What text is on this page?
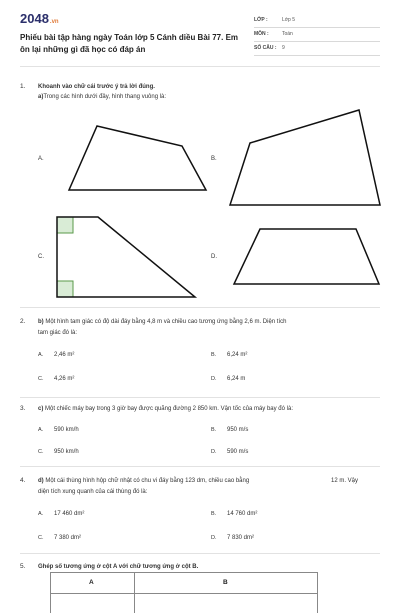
2048.vn
Phiếu bài tập hàng ngày Toán lớp 5 Cánh diều Bài 77. Em ôn lại những gì đã học có đáp án
LỚP :	Lớp 5
MÔN :	Toán
SỐ CÂU : 9
1. Khoanh vào chữ cái trước ý trả lời đúng.
a)Trong các hình dưới đây, hình thang vuông là:
A.	B.
C.	D.
2. b) Một hình tam giác có độ dài đáy bằng 4,8 m và chiều cao tương ứng bằng 2,6 m. Diện tích
tam giác đó là:
A. 2,46 m²	B. 6,24 m²
C. 4,26 m²	D. 6,24 m
3. c) Một chiếc máy bay trong 3 giờ bay được quãng đường 2 850 km. Vận tốc của máy bay đó là:
A. 590 km/h	B. 950 m/s
C. 950 km/h	D. 590 m/s
4. d) Một cái thùng hình hộp chữ nhật có chu vi đáy bằng 123 dm, chiều cao bằng	12 m. Vậy
diện tích xung quanh của cái thùng đó là:
A. 17 460 dm²	B. 14 760 dm²
C. 7 380 dm²	D. 7 830 dm²
5. Ghép số tương ứng ở cột A với chữ tương ứng ở cột B.
A	B
